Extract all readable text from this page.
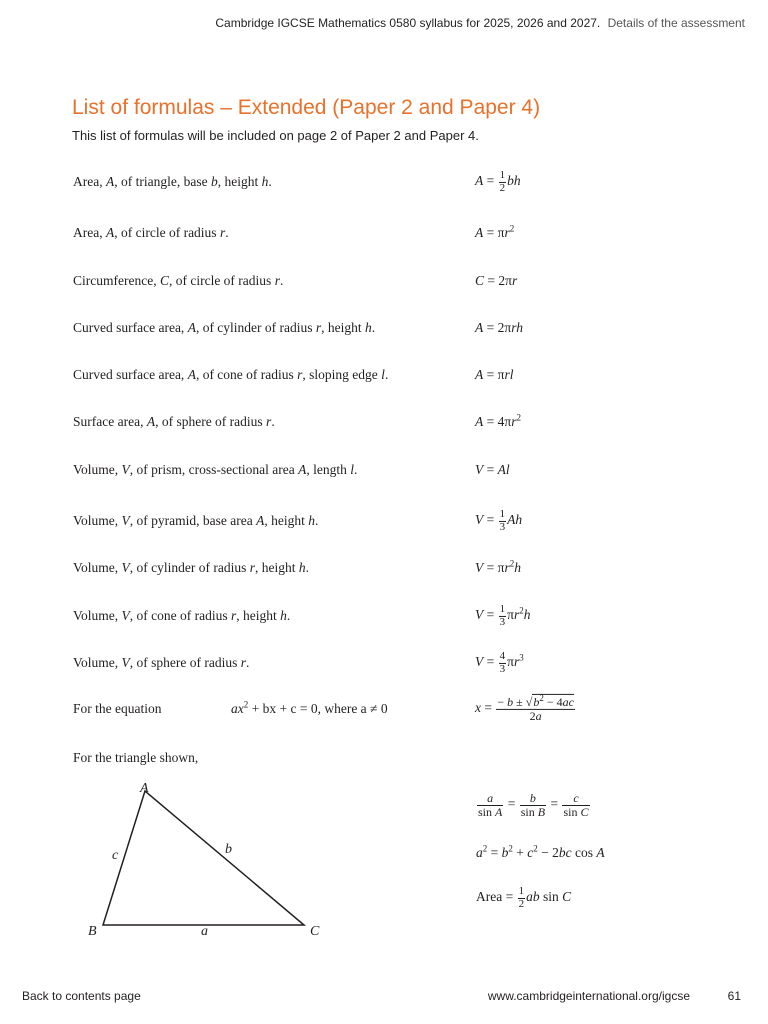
Cambridge IGCSE Mathematics 0580 syllabus for 2025, 2026 and 2027. Details of the assessment
List of formulas – Extended (Paper 2 and Paper 4)
This list of formulas will be included on page 2 of Paper 2 and Paper 4.
Area, A, of triangle, base b, height h.	$A = \frac{1}{2}$ bh
Area, A, of circle of radius r.	$A = \pi r^2$
Circumference, C, of circle of radius r.	C = 2πr
Curved surface area, A, of cylinder of radius r, height h.	A = 2πrh
Curved surface area, A, of cone of radius r, sloping edge l.	A = πrl
Surface area, A, of sphere of radius r.	$A = 4\pi r^2$
Volume, V, of prism, cross-sectional area A, length l.	V = Al
Volume, V, of pyramid, base area A, height h.	$V = \frac{1}{3}$ Ah
Volume, V, of cylinder of radius r, height h.	$V = \pi r^2h$
Volume, V, of cone of radius r, height h.	$V = \frac{1}{3} \pi r^2h$
Volume, V, of sphere of radius r.	$V = \frac{4}{3} \pi r^3$
For the equation	$ax^2$ + bx + c = 0, where a ≠ 0	$x = \frac{- b \pm √b^2 - 4ac}{2a}$
For the triangle shown,
A
B	C
c	b
a
$\frac{a}{\text{sin A}} = \frac{b}{\text{sin B}} = \frac{c}{\text{sin C}}$
$a^2 = b^2 + c^2 - 2bc$ cos A
Area = $\frac{1}{2}$ ab sin C
Back to contents page	www.cambridgeinternational.org/igcse	61
